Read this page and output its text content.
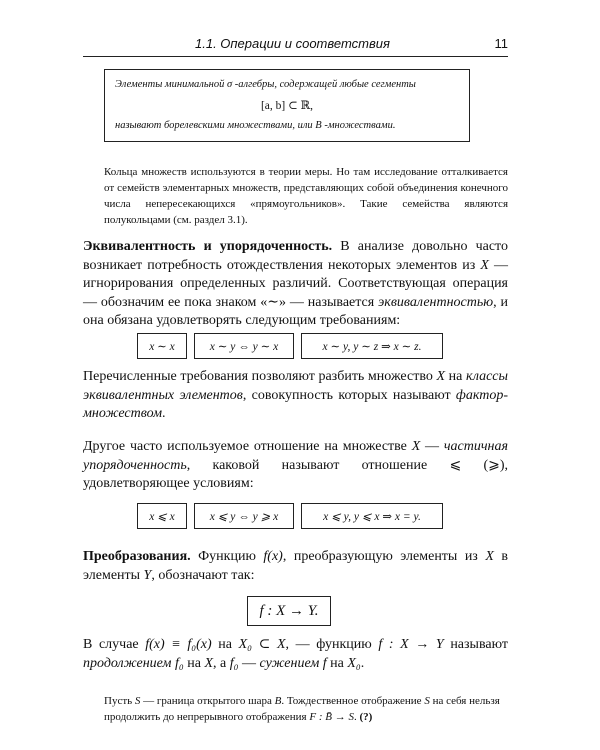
1.1. Операции и соответствия	11
Элементы минимальной σ -алгебры, содержащей любые сегменты
[a, b] ⊂ ℝ,
называют борелевскими множествами, или B -множествами.
Кольца множеств используются в теории меры. Но там исследование отталкивается от семейств элементарных множеств, представляющих собой объединения конечного числа непересекающихся «прямоугольников». Такие семейства являются полукольцами (см. раздел 3.1).
Эквивалентность и упорядоченность. В анализе довольно часто возникает потребность отождествления некоторых элементов из X — игнорирования определенных различий. Соответствующая операция — обозначим ее пока знаком «∼» — называется эквивалентностью, и она обязана удовлетворять следующим требованиям:
x ∼ x	x ∼ y ⇔ y ∼ x	x ∼ y, y ∼ z ⇒ x ∼ z.
Перечисленные требования позволяют разбить множество X на классы эквивалентных элементов, совокупность которых называют фактор-множеством.
Другое часто используемое отношение на множестве X — частичная упорядоченность, каковой называют отношение ⩽ (⩾), удовлетворяющее условиям:
x ⩽ x	x ⩽ y ⇔ y ⩾ x	x ⩽ y, y ⩽ x ⇒ x = y.
Преобразования. Функцию f(x), преобразующую элементы из X в элементы Y, обозначают так:
f : X → Y.
В случае f(x) ≡ f₀(x) на X₀ ⊂ X, — функцию f : X → Y называют продолжением f₀ на X, а f₀ — сужением f на X₀.
Пусть S — граница открытого шара B. Тождественное отображение S на себя нельзя продолжить до непрерывного отображения F : B̄ → S. (?)
